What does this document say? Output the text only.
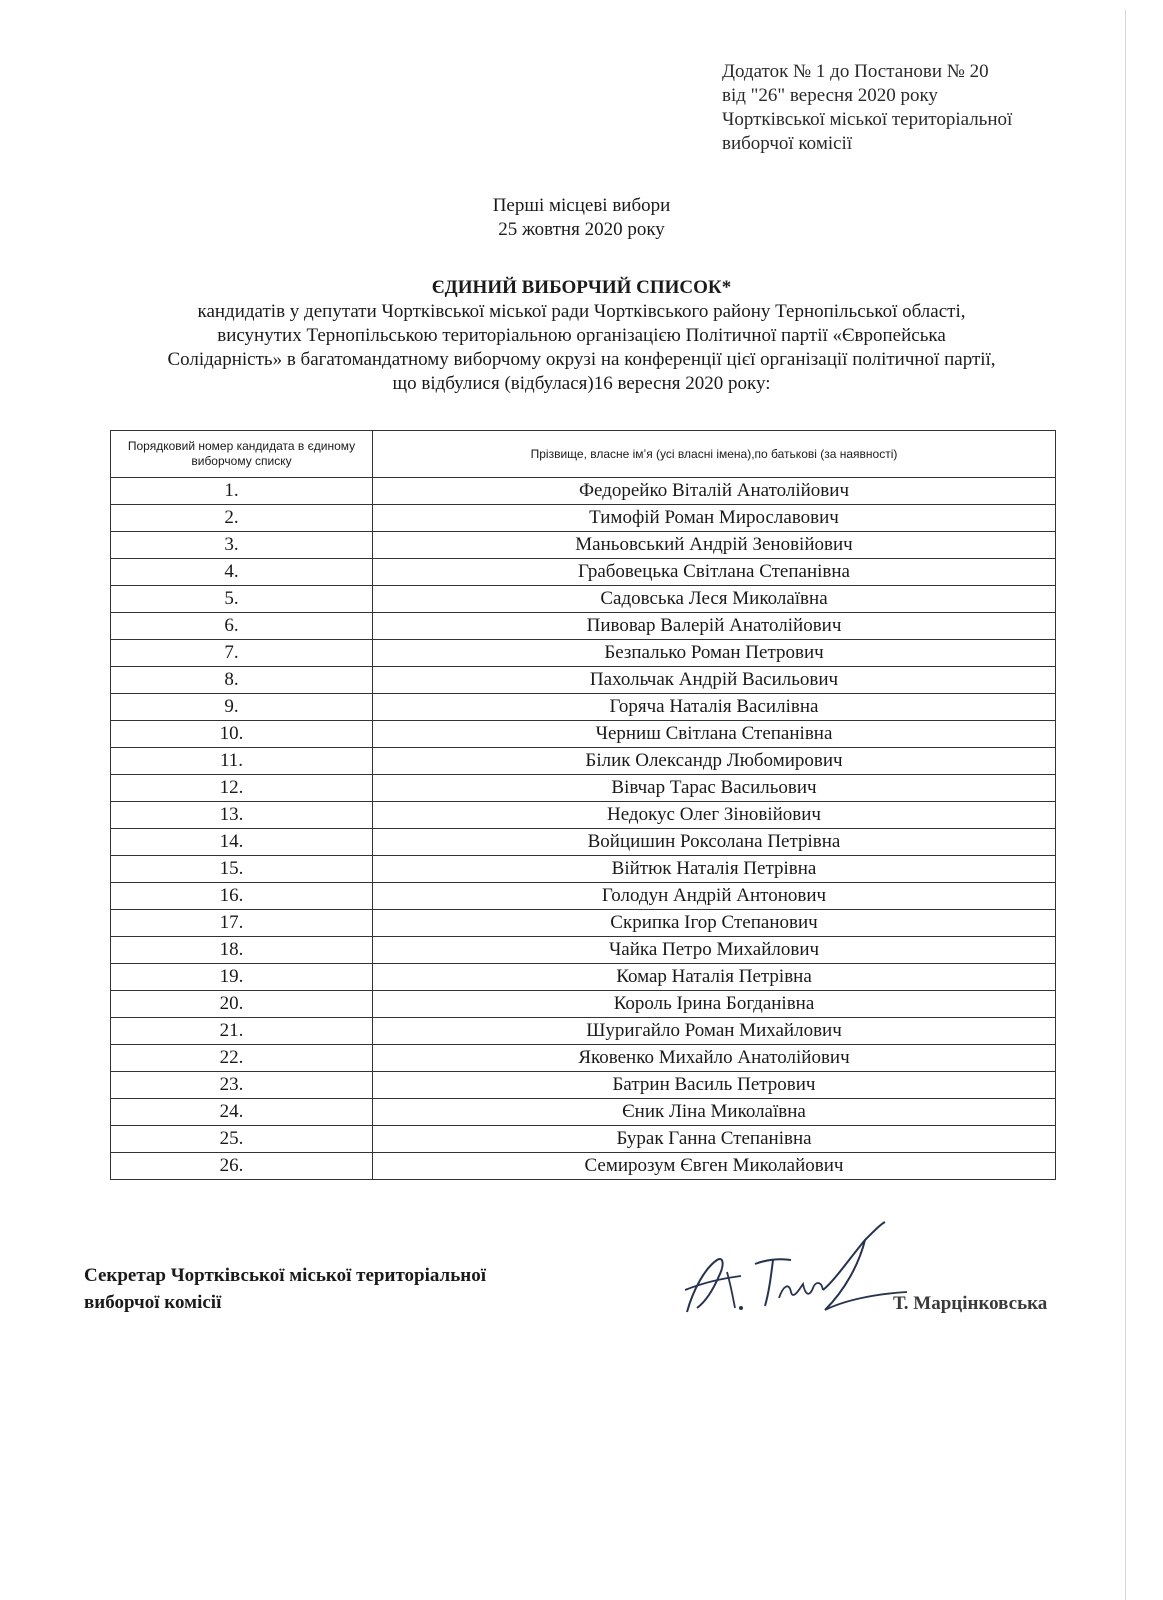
Додаток № 1 до Постанови № 20
від "26" вересня 2020 року
Чортківської міської територіальної
виборчої комісії
Перші місцеві вибори
25 жовтня 2020 року
ЄДИНИЙ ВИБОРЧИЙ СПИСОК*
кандидатів у депутати Чортківської міської ради Чортківського району Тернопільської області,
висунутих Тернопільською територіальною організацією Політичної партії «Європейська
Солідарність» в багатомандатному виборчому окрузі на конференції цієї організації політичної партії,
що відбулися (відбулася)16 вересня 2020 року:
Порядковий номер кандидата в єдиному виборчому списку	Прізвище, власне ім’я (усі власні імена),по батькові (за наявності)
1.	Федорейко Віталій Анатолійович
2.	Тимофій Роман Мирославович
3.	Маньовський Андрій Зеновійович
4.	Грабовецька Світлана Степанівна
5.	Садовська Леся Миколаївна
6.	Пивовар Валерій Анатолійович
7.	Безпалько Роман Петрович
8.	Пахольчак Андрій Васильович
9.	Горяча Наталія Василівна
10.	Черниш Світлана Степанівна
11.	Білик Олександр Любомирович
12.	Вівчар Тарас Васильович
13.	Недокус Олег Зіновійович
14.	Войцишин Роксолана Петрівна
15.	Війтюк Наталія Петрівна
16.	Голодун Андрій Антонович
17.	Скрипка Ігор Степанович
18.	Чайка Петро Михайлович
19.	Комар Наталія Петрівна
20.	Король Ірина Богданівна
21.	Шуригайло Роман Михайлович
22.	Яковенко Михайло Анатолійович
23.	Батрин Василь Петрович
24.	Єник Ліна Миколаївна
25.	Бурак Ганна Степанівна
26.	Семирозум Євген Миколайович
Секретар Чортківської міської територіальної
виборчої комісії	Т. Марцінковська
